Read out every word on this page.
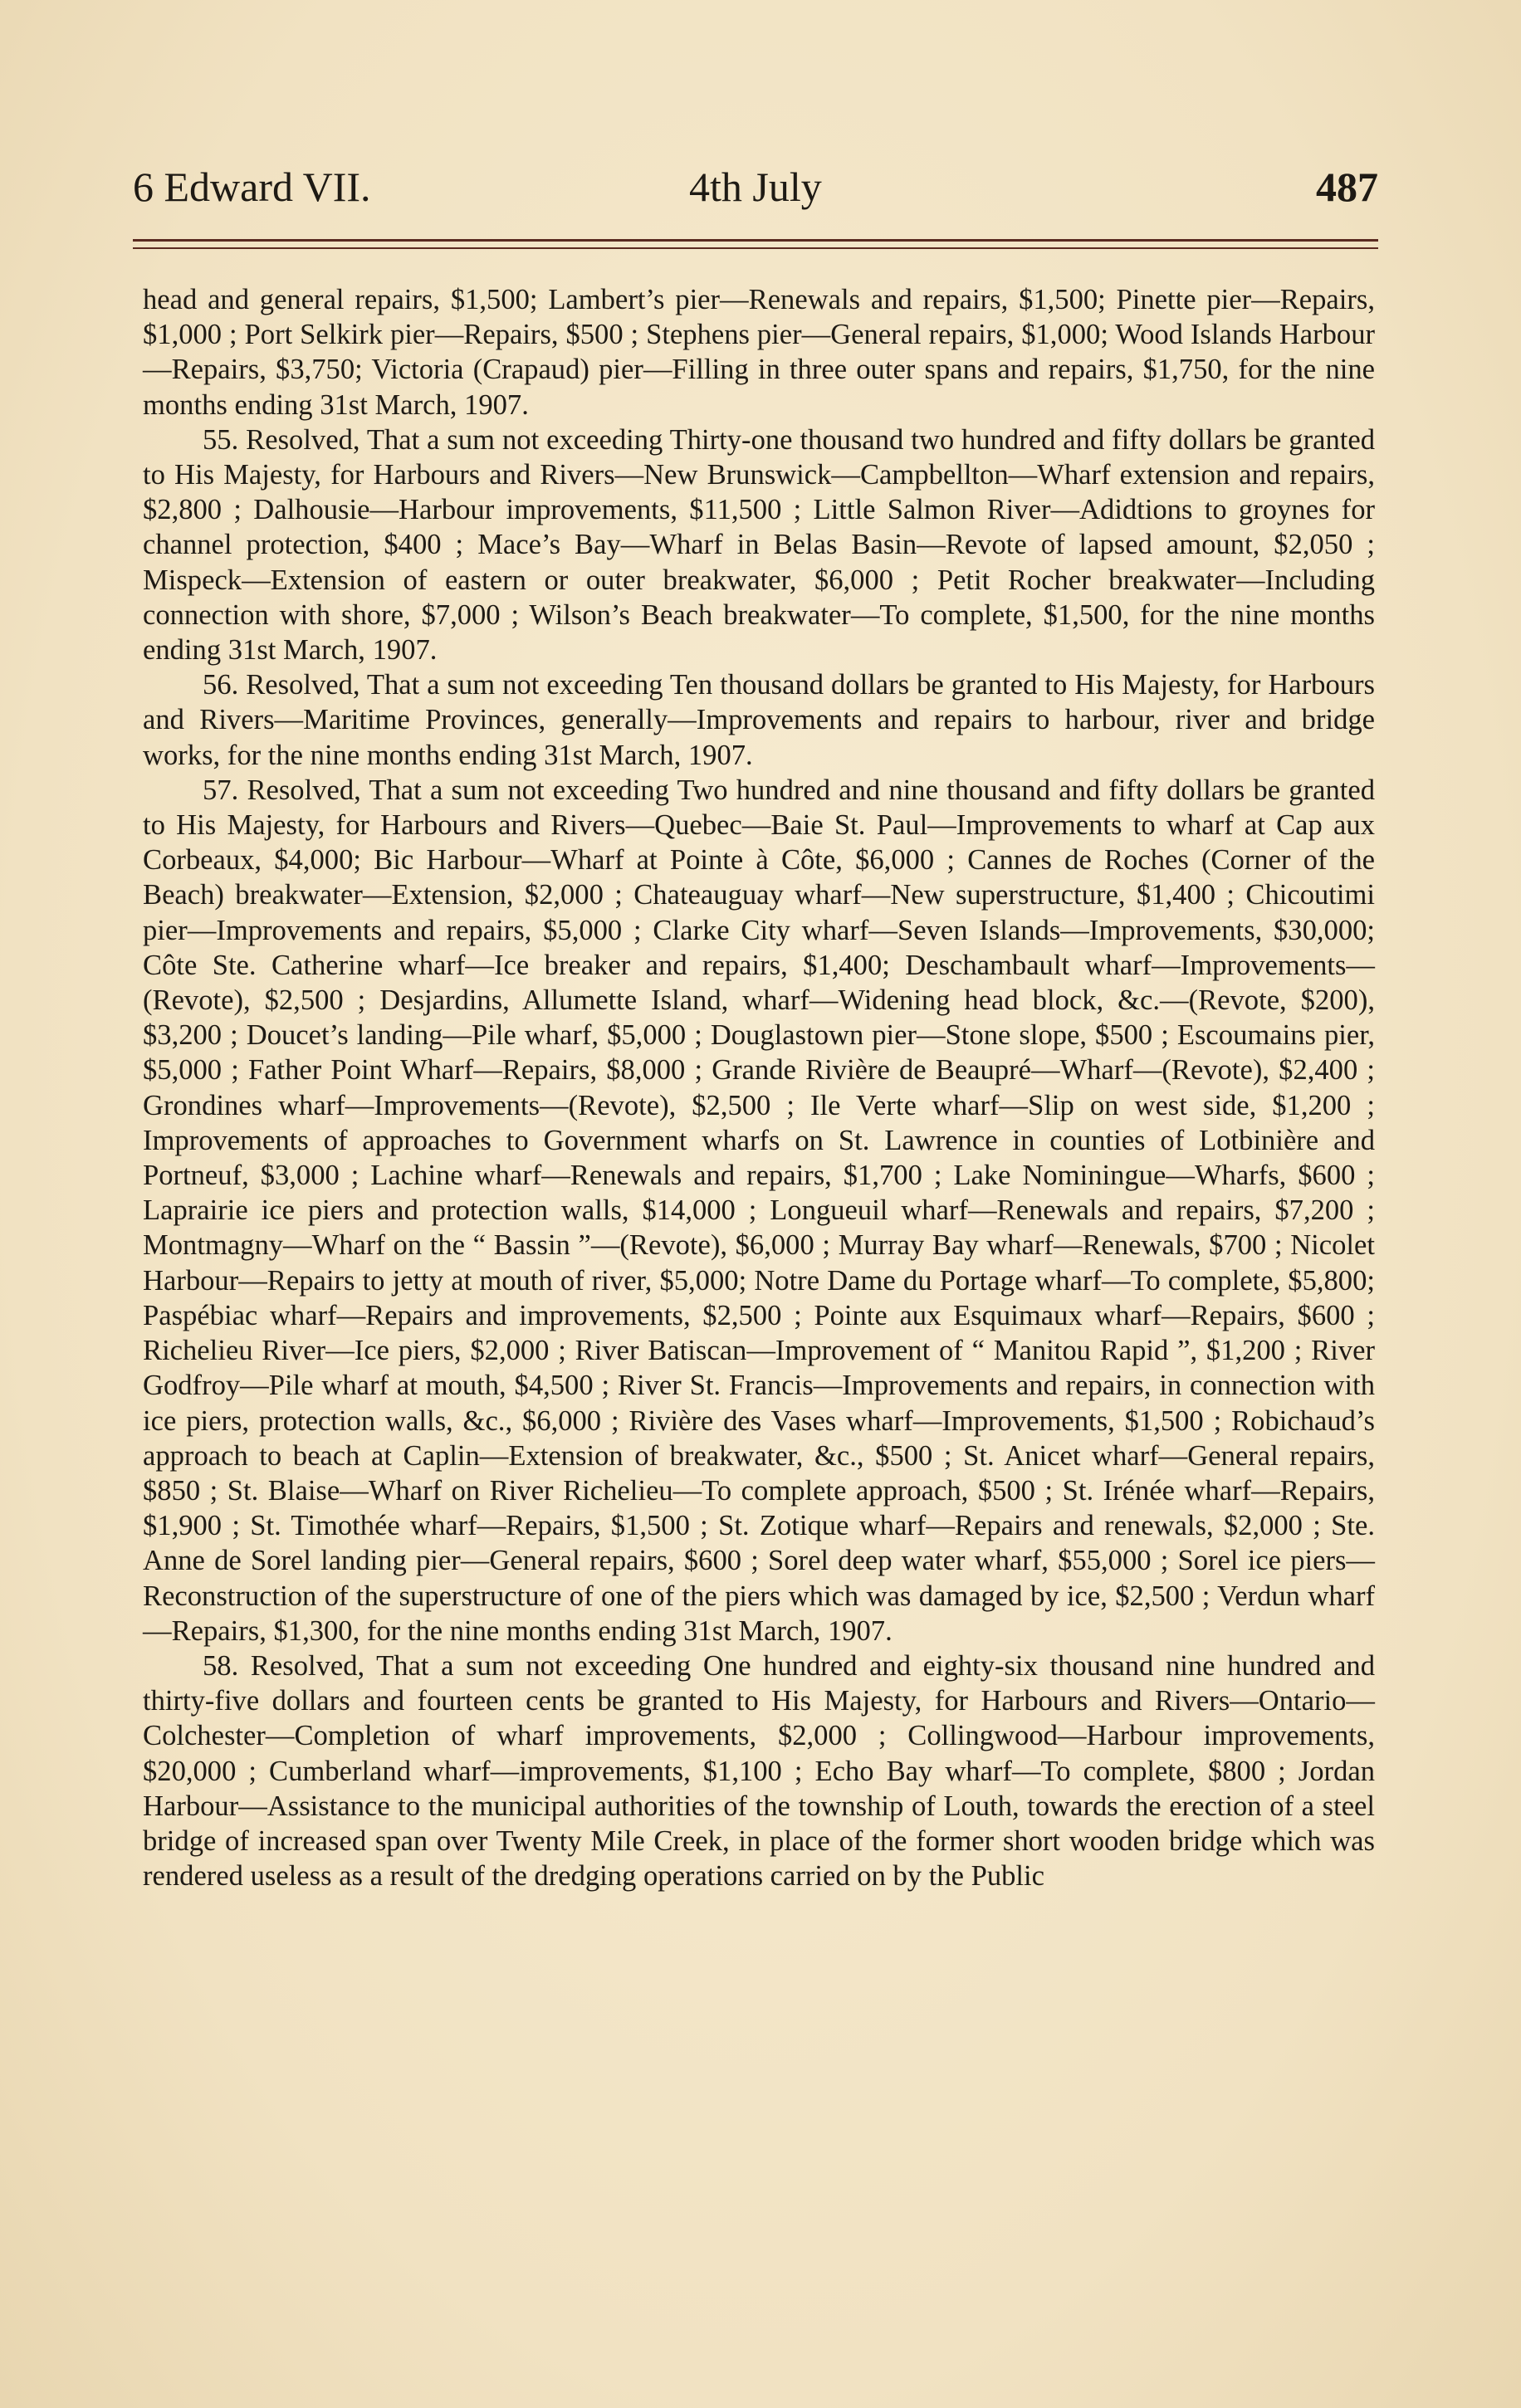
6 Edward VII.	4th July	487

head and general repairs, $1,500; Lambert’s pier—Renewals and repairs, $1,500; Pinette pier—Repairs, $1,000 ; Port Selkirk pier—Repairs, $500 ; Stephens pier—General repairs, $1,000; Wood Islands Harbour—Repairs, $3,750; Victoria (Crapaud) pier—Filling in three outer spans and repairs, $1,750, for the nine months ending 31st March, 1907.

55. Resolved, That a sum not exceeding Thirty-one thousand two hundred and fifty dollars be granted to His Majesty, for Harbours and Rivers—New Brunswick—Campbellton—Wharf extension and repairs, $2,800 ; Dalhousie—Harbour improvements, $11,500 ; Little Salmon River—Adidtions to groynes for channel protection, $400 ; Mace’s Bay—Wharf in Belas Basin—Revote of lapsed amount, $2,050 ; Mispeck—Extension of eastern or outer breakwater, $6,000 ; Petit Rocher breakwater—Including connection with shore, $7,000 ; Wilson’s Beach breakwater—To complete, $1,500, for the nine months ending 31st March, 1907.

56. Resolved, That a sum not exceeding Ten thousand dollars be granted to His Majesty, for Harbours and Rivers—Maritime Provinces, generally—Improvements and repairs to harbour, river and bridge works, for the nine months ending 31st March, 1907.

57. Resolved, That a sum not exceeding Two hundred and nine thousand and fifty dollars be granted to His Majesty, for Harbours and Rivers—Quebec—Baie St. Paul—Improvements to wharf at Cap aux Corbeaux, $4,000; Bic Harbour—Wharf at Pointe à Côte, $6,000 ; Cannes de Roches (Corner of the Beach) breakwater—Extension, $2,000 ; Chateauguay wharf—New superstructure, $1,400 ; Chicoutimi pier—Improvements and repairs, $5,000 ; Clarke City wharf—Seven Islands—Improvements, $30,000; Côte Ste. Catherine wharf—Ice breaker and repairs, $1,400; Deschambault wharf—Improvements—(Revote), $2,500 ; Desjardins, Allumette Island, wharf—Widening head block, &c.—(Revote, $200), $3,200 ; Doucet’s landing—Pile wharf, $5,000 ; Douglastown pier—Stone slope, $500 ; Escoumains pier, $5,000 ; Father Point Wharf—Repairs, $8,000 ; Grande Rivière de Beaupré—Wharf—(Revote), $2,400 ; Grondines wharf—Improvements—(Revote), $2,500 ; Ile Verte wharf—Slip on west side, $1,200 ; Improvements of approaches to Government wharfs on St. Lawrence in counties of Lotbinière and Portneuf, $3,000 ; Lachine wharf—Renewals and repairs, $1,700 ; Lake Nominingue—Wharfs, $600 ; Laprairie ice piers and protection walls, $14,000 ; Longueuil wharf—Renewals and repairs, $7,200 ; Montmagny—Wharf on the “ Bassin ”—(Revote), $6,000 ; Murray Bay wharf—Renewals, $700 ; Nicolet Harbour—Repairs to jetty at mouth of river, $5,000; Notre Dame du Portage wharf—To complete, $5,800; Paspébiac wharf—Repairs and improvements, $2,500 ; Pointe aux Esquimaux wharf—Repairs, $600 ; Richelieu River—Ice piers, $2,000 ; River Batiscan—Improvement of “ Manitou Rapid ”, $1,200 ; River Godfroy—Pile wharf at mouth, $4,500 ; River St. Francis—Improvements and repairs, in connection with ice piers, protection walls, &c., $6,000 ; Rivière des Vases wharf—Improvements, $1,500 ; Robichaud’s approach to beach at Caplin—Extension of breakwater, &c., $500 ; St. Anicet wharf—General repairs, $850 ; St. Blaise—Wharf on River Richelieu—To complete approach, $500 ; St. Irénée wharf—Repairs, $1,900 ; St. Timothée wharf—Repairs, $1,500 ; St. Zotique wharf—Repairs and renewals, $2,000 ; Ste. Anne de Sorel landing pier—General repairs, $600 ; Sorel deep water wharf, $55,000 ; Sorel ice piers—Reconstruction of the superstructure of one of the piers which was damaged by ice, $2,500 ; Verdun wharf—Repairs, $1,300, for the nine months ending 31st March, 1907.

58. Resolved, That a sum not exceeding One hundred and eighty-six thousand nine hundred and thirty-five dollars and fourteen cents be granted to His Majesty, for Harbours and Rivers—Ontario—Colchester—Completion of wharf improvements, $2,000 ; Collingwood—Harbour improvements, $20,000 ; Cumberland wharf—improvements, $1,100 ; Echo Bay wharf—To complete, $800 ; Jordan Harbour—Assistance to the municipal authorities of the township of Louth, towards the erection of a steel bridge of increased span over Twenty Mile Creek, in place of the former short wooden bridge which was rendered useless as a result of the dredging operations carried on by the Public
